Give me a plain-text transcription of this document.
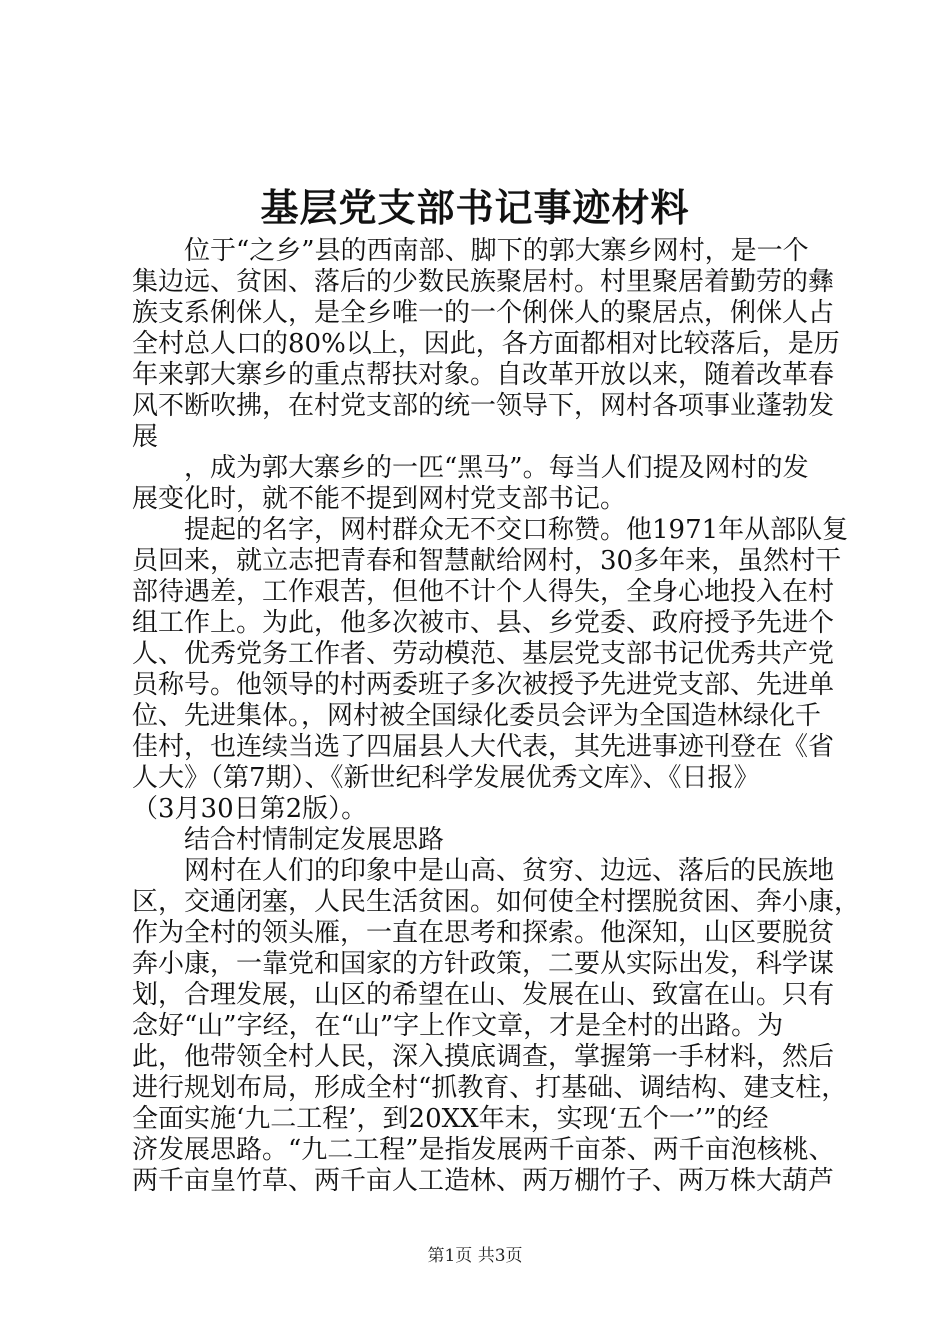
基层党支部书记事迹材料
位于“之乡”县的西南部、脚下的郭大寨乡网村，是一个
集边远、贫困、落后的少数民族聚居村。村里聚居着勤劳的彝
族支系俐侎人，是全乡唯一的一个俐侎人的聚居点，俐侎人占
全村总人口的80%以上，因此，各方面都相对比较落后，是历
年来郭大寨乡的重点帮扶对象。自改革开放以来，随着改革春
风不断吹拂，在村党支部的统一领导下，网村各项事业蓬勃发
展
，成为郭大寨乡的一匹“黑马”。每当人们提及网村的发
展变化时，就不能不提到网村党支部书记。
提起的名字，网村群众无不交口称赞。他1971年从部队复
员回来，就立志把青春和智慧献给网村，30多年来，虽然村干
部待遇差，工作艰苦，但他不计个人得失，全身心地投入在村
组工作上。为此，他多次被市、县、乡党委、政府授予先进个
人、优秀党务工作者、劳动模范、基层党支部书记优秀共产党
员称号。他领导的村两委班子多次被授予先进党支部、先进单
位、先进集体。，网村被全国绿化委员会评为全国造林绿化千
佳村，也连续当选了四届县人大代表，其先进事迹刊登在《省
人大》（第7期）、《新世纪科学发展优秀文库》、《日报》
（3月30日第2版）。
结合村情制定发展思路
网村在人们的印象中是山高、贫穷、边远、落后的民族地
区，交通闭塞，人民生活贫困。如何使全村摆脱贫困、奔小康，
作为全村的领头雁，一直在思考和探索。他深知，山区要脱贫
奔小康，一靠党和国家的方针政策，二要从实际出发，科学谋
划，合理发展，山区的希望在山、发展在山、致富在山。只有
念好“山”字经，在“山”字上作文章，才是全村的出路。为
此，他带领全村人民，深入摸底调查，掌握第一手材料，然后
进行规划布局，形成全村“抓教育、打基础、调结构、建支柱，
全面实施‘九二工程’，到20XX年末，实现‘五个一’”的经
济发展思路。“九二工程”是指发展两千亩茶、两千亩泡核桃、
两千亩皇竹草、两千亩人工造林、两万棚竹子、两万株大葫芦
第1页 共3页
